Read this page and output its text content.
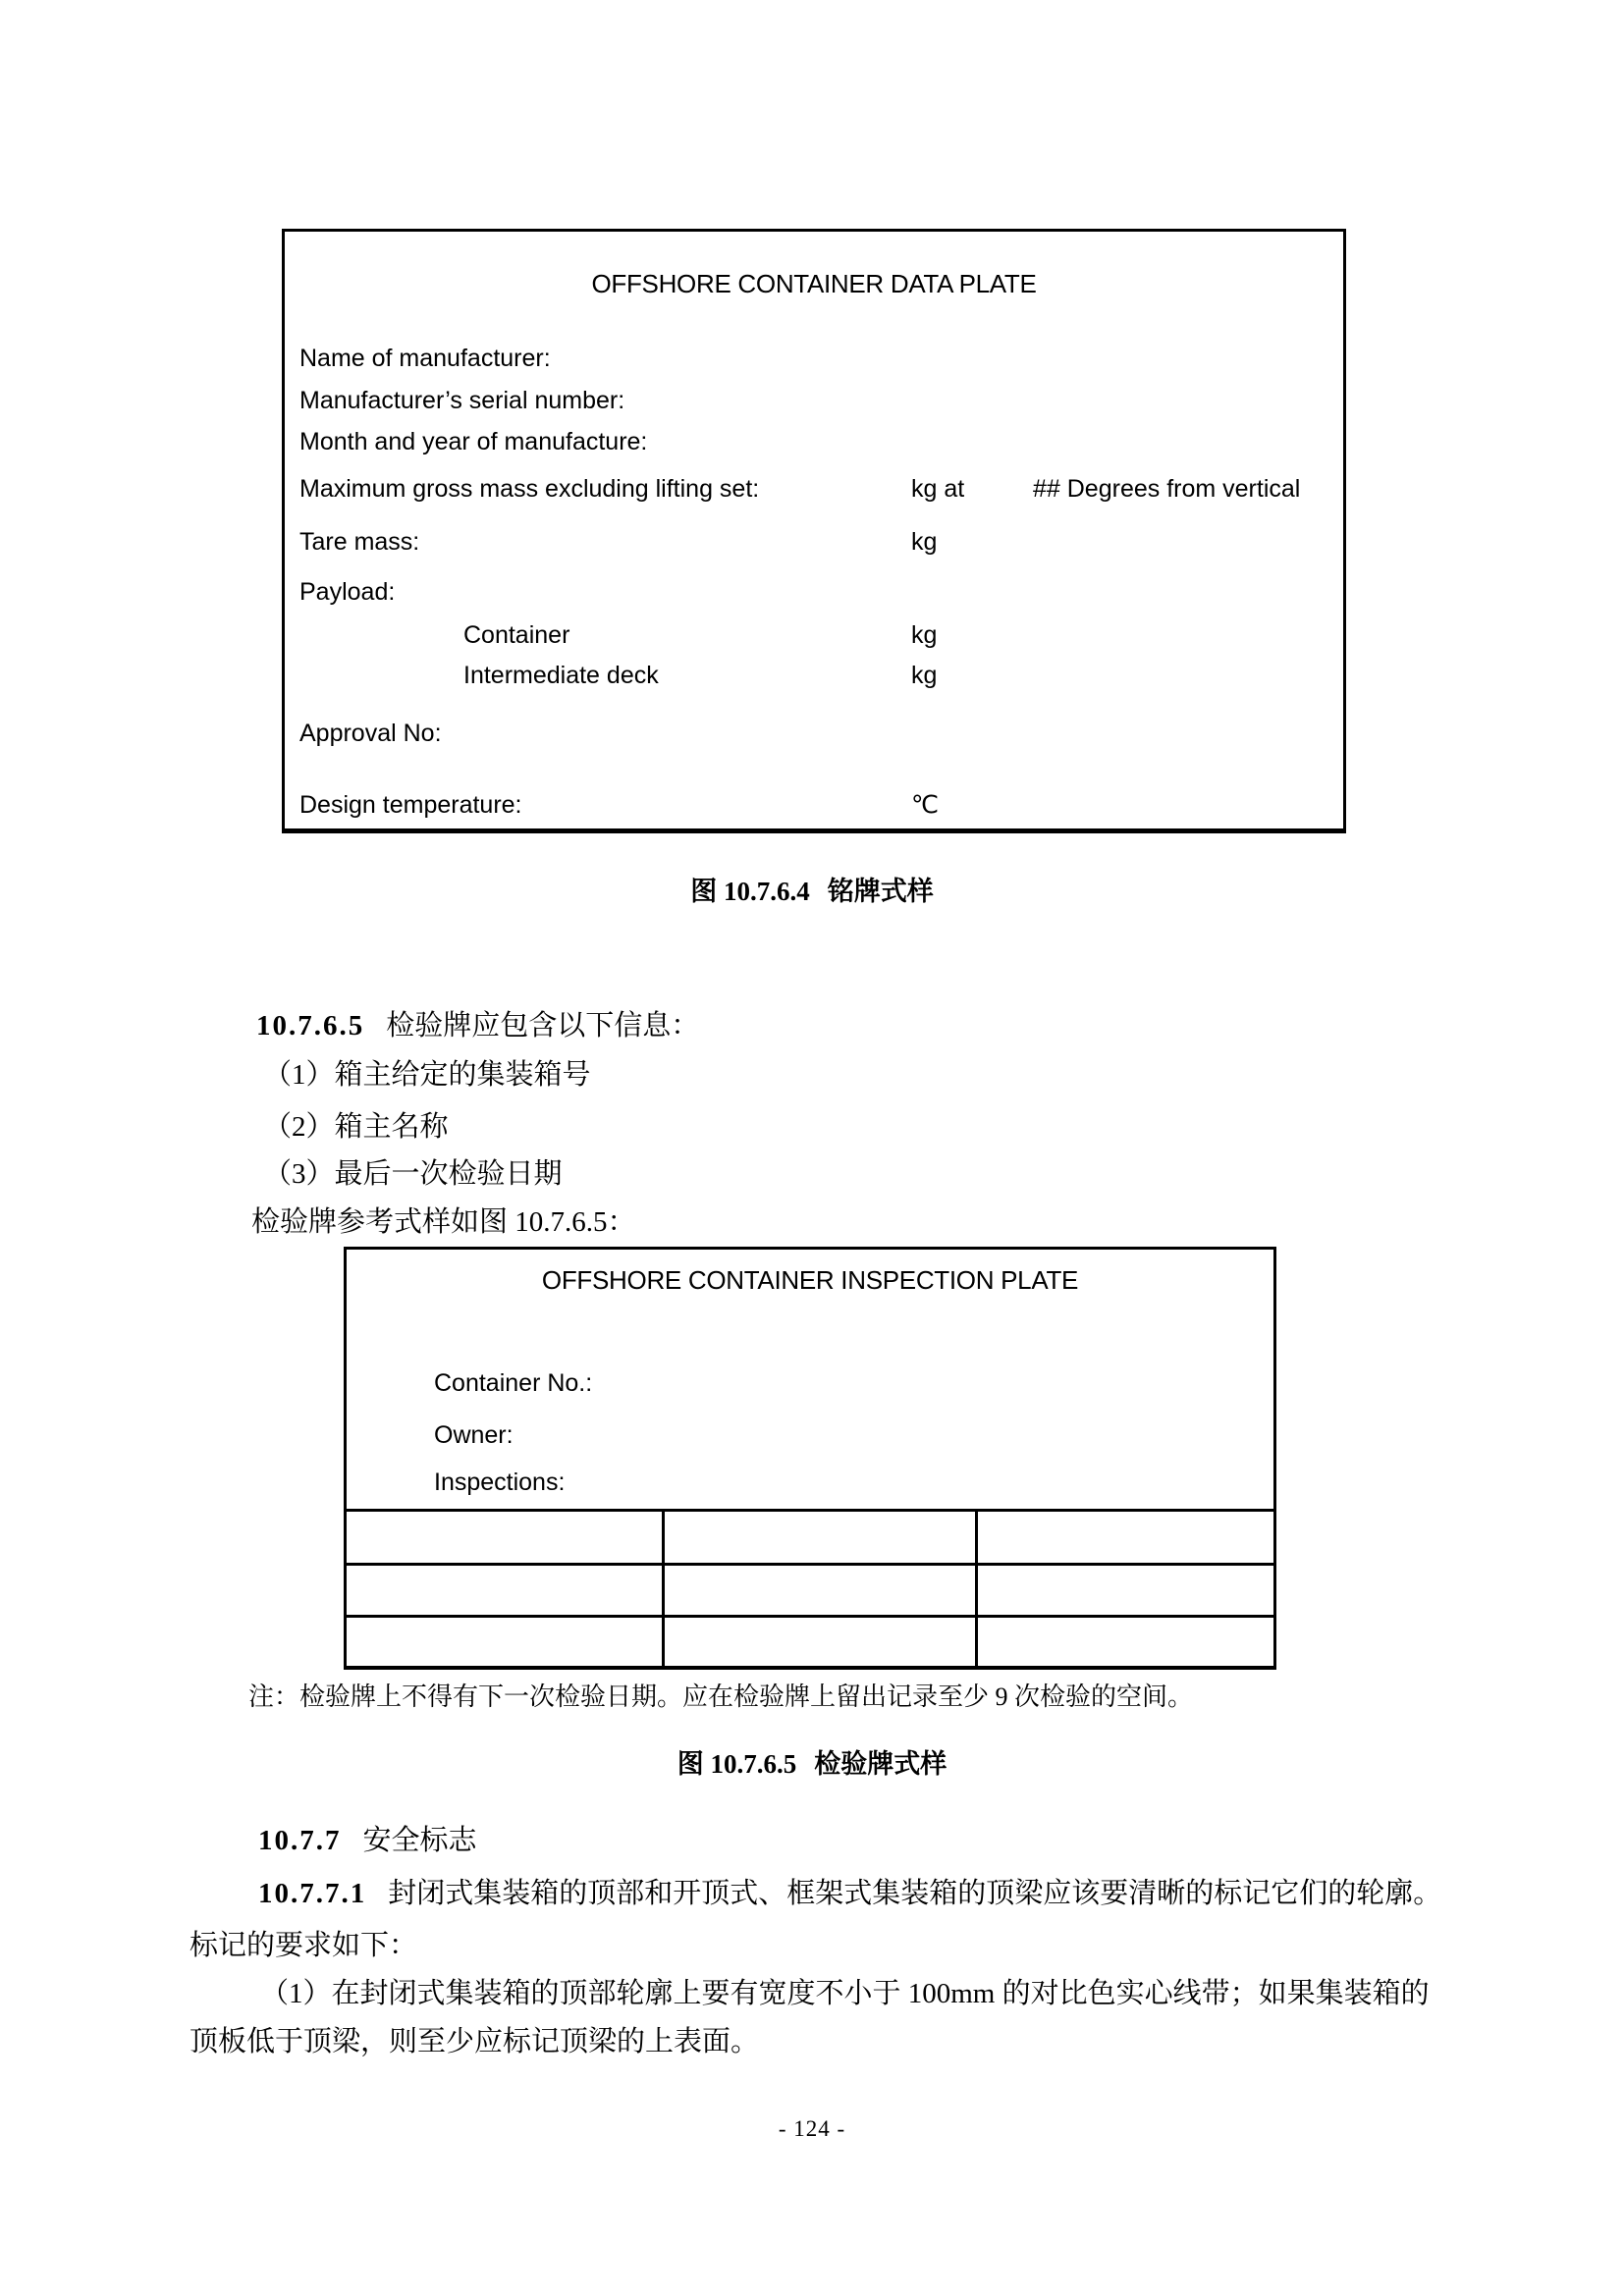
OFFSHORE CONTAINER DATA PLATE
Name of manufacturer:
Manufacturer’s serial number:
Month and year of manufacture:
Maximum gross mass excluding lifting set:	kg at	## Degrees from vertical
Tare mass:	kg
Payload:
Container	kg
Intermediate deck	kg
Approval No:
Design temperature:	℃
图 10.7.6.4 铭牌式样
10.7.6.5 检验牌应包含以下信息：
（1）箱主给定的集装箱号
（2）箱主名称
（3）最后一次检验日期
检验牌参考式样如图 10.7.6.5：
OFFSHORE CONTAINER INSPECTION PLATE
Container No.:
Owner:
Inspections:
注：检验牌上不得有下一次检验日期。应在检验牌上留出记录至少 9 次检验的空间。
图 10.7.6.5 检验牌式样
10.7.7 安全标志
10.7.7.1 封闭式集装箱的顶部和开顶式、框架式集装箱的顶梁应该要清晰的标记它们的轮廓。
标记的要求如下：
（1）在封闭式集装箱的顶部轮廓上要有宽度不小于 100mm 的对比色实心线带；如果集装箱的
顶板低于顶梁，则至少应标记顶梁的上表面。
- 124 -
